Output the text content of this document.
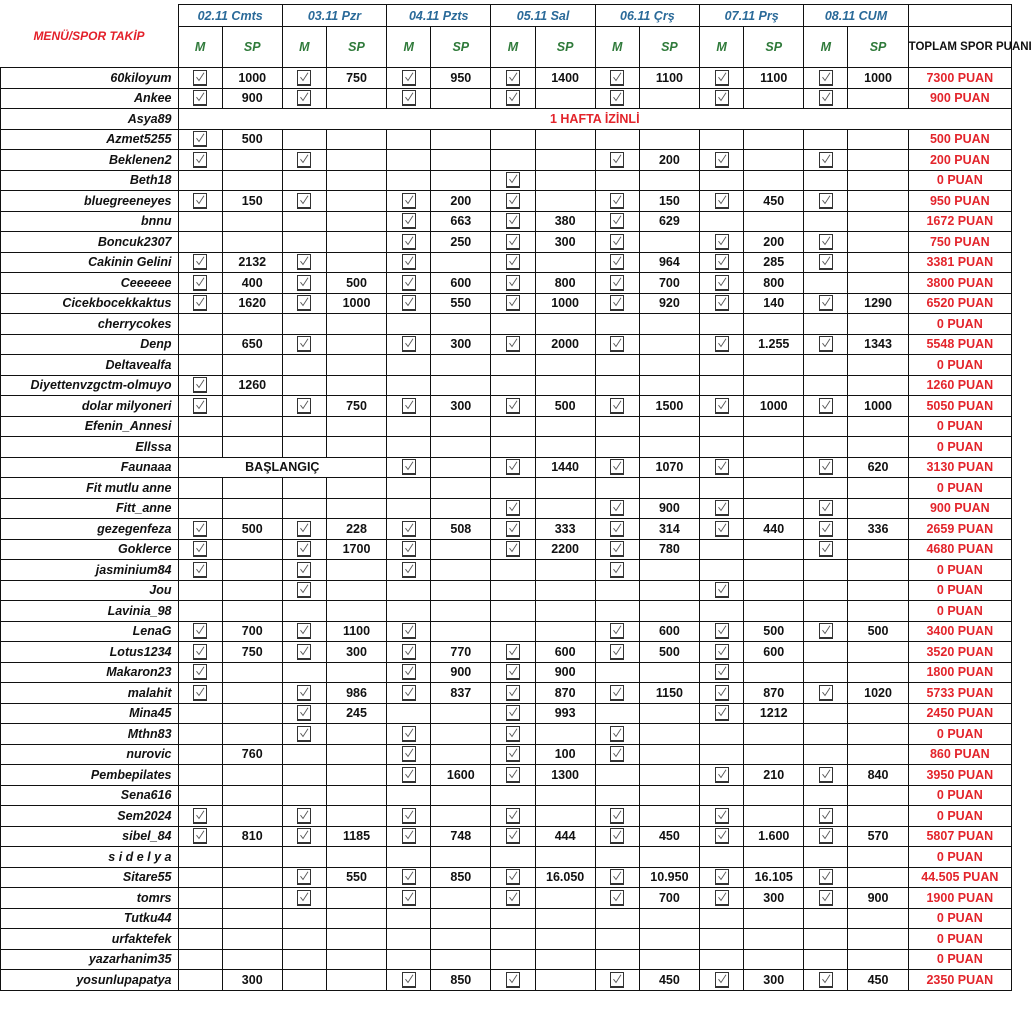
MENÜ/SPOR TAKİP	02.11 Cmts		03.11 Pzr		04.11 Pzts		05.11 Sal		06.11 Çrş		07.11 Prş		08.11 CUM		
	M	SP	M	SP	M	SP	M	SP	M	SP	M	SP	M	SP	TOPLAM SPOR PUANI
60kiloyum		1000		750		950		1400		1100		1100		1000	7300 PUAN
Ankee		900													900 PUAN
Asya89	1 HAFTA İZİNLİ														
Azmet5255		500													500 PUAN
Beklenen2										200					200 PUAN
Beth18															0 PUAN
bluegreeneyes		150				200				150		450			950 PUAN
bnnu						663		380		629					1672 PUAN
Boncuk2307						250		300				200			750 PUAN
Cakinin Gelini		2132								964		285			3381 PUAN
Ceeeeee		400		500		600		800		700		800			3800 PUAN
Cicekbocekkaktus		1620		1000		550		1000		920		140		1290	6520 PUAN
cherrycokes															0 PUAN
Denp		650				300		2000				1.255		1343	5548 PUAN
Deltavealfa															0 PUAN
Diyettenvzgctm-olmuyo		1260													1260 PUAN
dolar milyoneri				750		300		500		1500		1000		1000	5050 PUAN
Efenin_Annesi															0 PUAN
Ellssa															0 PUAN
Faunaaa	BAŞLANGIÇ							1440		1070				620	3130 PUAN
Fit mutlu anne															0 PUAN
Fitt_anne										900					900 PUAN
gezegenfeza		500		228		508		333		314		440		336	2659 PUAN
Goklerce				1700				2200		780					4680 PUAN
jasminium84															0 PUAN
Jou															0 PUAN
Lavinia_98															0 PUAN
LenaG		700		1100						600		500		500	3400 PUAN
Lotus1234		750		300		770		600		500		600			3520 PUAN
Makaron23						900		900							1800 PUAN
malahit				986		837		870		1150		870		1020	5733 PUAN
Mina45				245				993				1212			2450 PUAN
Mthn83															0 PUAN
nurovic		760						100							860 PUAN
Pembepilates						1600		1300				210		840	3950 PUAN
Sena616															0 PUAN
Sem2024															0 PUAN
sibel_84		810		1185		748		444		450		1.600		570	5807 PUAN
s i d e l y a															0 PUAN
Sitare55				550		850		16.050		10.950		16.105			44.505 PUAN
tomrs										700		300		900	1900 PUAN
Tutku44															0 PUAN
urfaktefek															0 PUAN
yazarhanim35															0 PUAN
yosunlupapatya		300				850				450		300		450	2350 PUAN
